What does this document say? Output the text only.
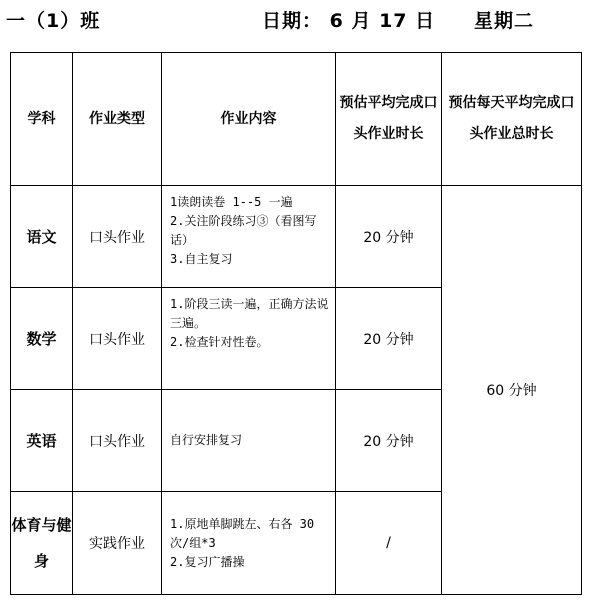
一（1）班	日期： 6 月 17 日 星期二
学科	作业类型	作业内容	预估平均完成口头作业时长	预估每天平均完成口头作业总时长
语文	口头作业	1读朗读卷 1--5 一遍
2.关注阶段练习③（看图写话）
3.自主复习	20 分钟	60 分钟
数学	口头作业	1.阶段三读一遍，正确方法说三遍。
2.检查针对性卷。	20 分钟	
英语	口头作业	自行安排复习	20 分钟	
体育与健身	实践作业	1.原地单脚跳左、右各 30 次/组*3
2.复习广播操	/	
